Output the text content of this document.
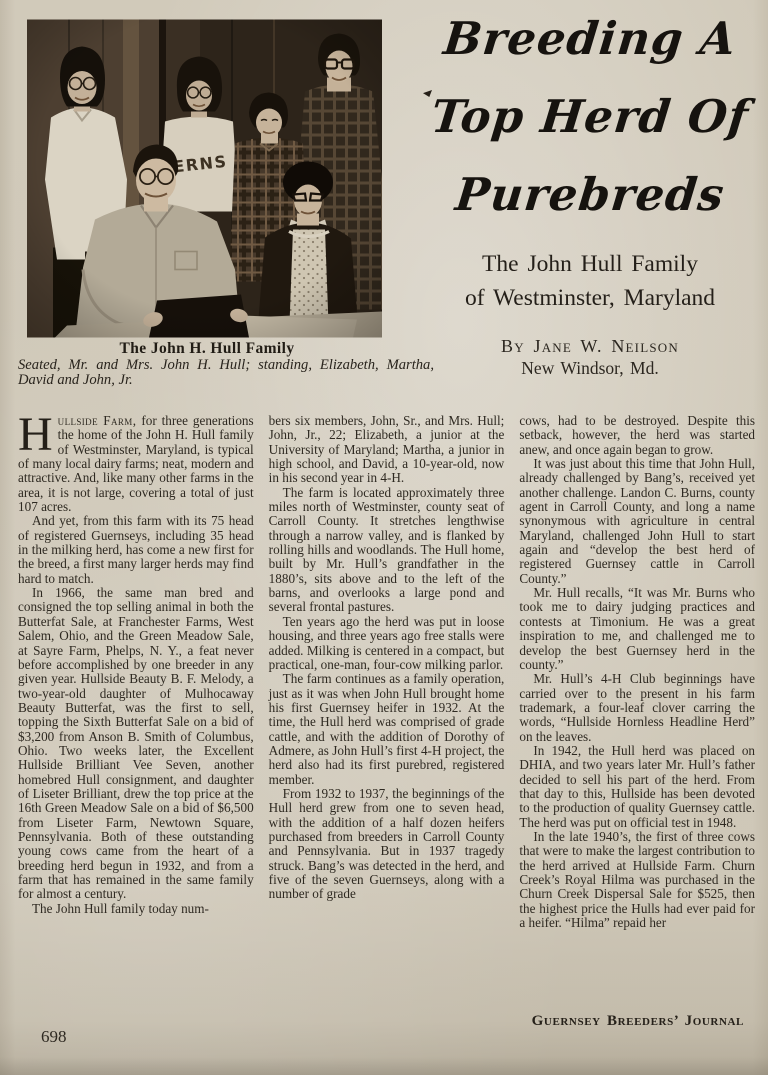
Breeding A
Top Herd Of
Purebreds
The John Hull Family
of Westminster, Maryland
By Jane W. Neilson
New Windsor, Md.
The John H. Hull Family
Seated, Mr. and Mrs. John H. Hull; standing, Elizabeth, Martha, David and John, Jr.

Hullside Farm, for three generations the home of the John H. Hull family of Westminster, Maryland, is typical of many local dairy farms; neat, modern and attractive. And, like many other farms in the area, it is not large, covering a total of just 107 acres.

And yet, from this farm with its 75 head of registered Guernseys, including 35 head in the milking herd, has come a new first for the breed, a first many larger herds may find hard to match.

In 1966, the same man bred and consigned the top selling animal in both the Butterfat Sale, at Franchester Farms, West Salem, Ohio, and the Green Meadow Sale, at Sayre Farm, Phelps, N. Y., a feat never before accomplished by one breeder in any given year. Hullside Beauty B. F. Melody, a two-year-old daughter of Mulhocaway Beauty Butterfat, was the first to sell, topping the Sixth Butterfat Sale on a bid of $3,200 from Anson B. Smith of Columbus, Ohio. Two weeks later, the Excellent Hullside Brilliant Vee Seven, another homebred Hull consignment, and daughter of Liseter Brilliant, drew the top price at the 16th Green Meadow Sale on a bid of $6,500 from Liseter Farm, Newtown Square, Pennsylvania. Both of these outstanding young cows came from the heart of a breeding herd begun in 1932, and from a farm that has remained in the same family for almost a century.

The John Hull family today num-

bers six members, John, Sr., and Mrs. Hull; John, Jr., 22; Elizabeth, a junior at the University of Maryland; Martha, a junior in high school, and David, a 10-year-old, now in his second year in 4-H.

The farm is located approximately three miles north of Westminster, county seat of Carroll County. It stretches lengthwise through a narrow valley, and is flanked by rolling hills and woodlands. The Hull home, built by Mr. Hull’s grandfather in the 1880’s, sits above and to the left of the barns, and overlooks a large pond and several frontal pastures.

Ten years ago the herd was put in loose housing, and three years ago free stalls were added. Milking is centered in a compact, but practical, one-man, four-cow milking parlor.

The farm continues as a family operation, just as it was when John Hull brought home his first Guernsey heifer in 1932. At the time, the Hull herd was comprised of grade cattle, and with the addition of Dorothy of Admere, as John Hull’s first 4-H project, the herd also had its first purebred, registered member.

From 1932 to 1937, the beginnings of the Hull herd grew from one to seven head, with the addition of a half dozen heifers purchased from breeders in Carroll County and Pennsylvania. But in 1937 tragedy struck. Bang’s was detected in the herd, and five of the seven Guernseys, along with a number of grade

cows, had to be destroyed. Despite this setback, however, the herd was started anew, and once again began to grow.

It was just about this time that John Hull, already challenged by Bang’s, received yet another challenge. Landon C. Burns, county agent in Carroll County, and long a name synonymous with agriculture in central Maryland, challenged John Hull to start again and “develop the best herd of registered Guernsey cattle in Carroll County.”

Mr. Hull recalls, “It was Mr. Burns who took me to dairy judging practices and contests at Timonium. He was a great inspiration to me, and challenged me to develop the best Guernsey herd in the county.”

Mr. Hull’s 4-H Club beginnings have carried over to the present in his farm trademark, a four-leaf clover carring the words, “Hullside Hornless Headline Herd” on the leaves.

In 1942, the Hull herd was placed on DHIA, and two years later Mr. Hull’s father decided to sell his part of the herd. From that day to this, Hullside has been devoted to the production of quality Guernsey cattle. The herd was put on official test in 1948.

In the late 1940’s, the first of three cows that were to make the largest contribution to the herd arrived at Hullside Farm. Churn Creek’s Royal Hilma was purchased in the Churn Creek Dispersal Sale for $525, then the highest price the Hulls had ever paid for a heifer. “Hilma” repaid her

698
Guernsey Breeders’ Journal
